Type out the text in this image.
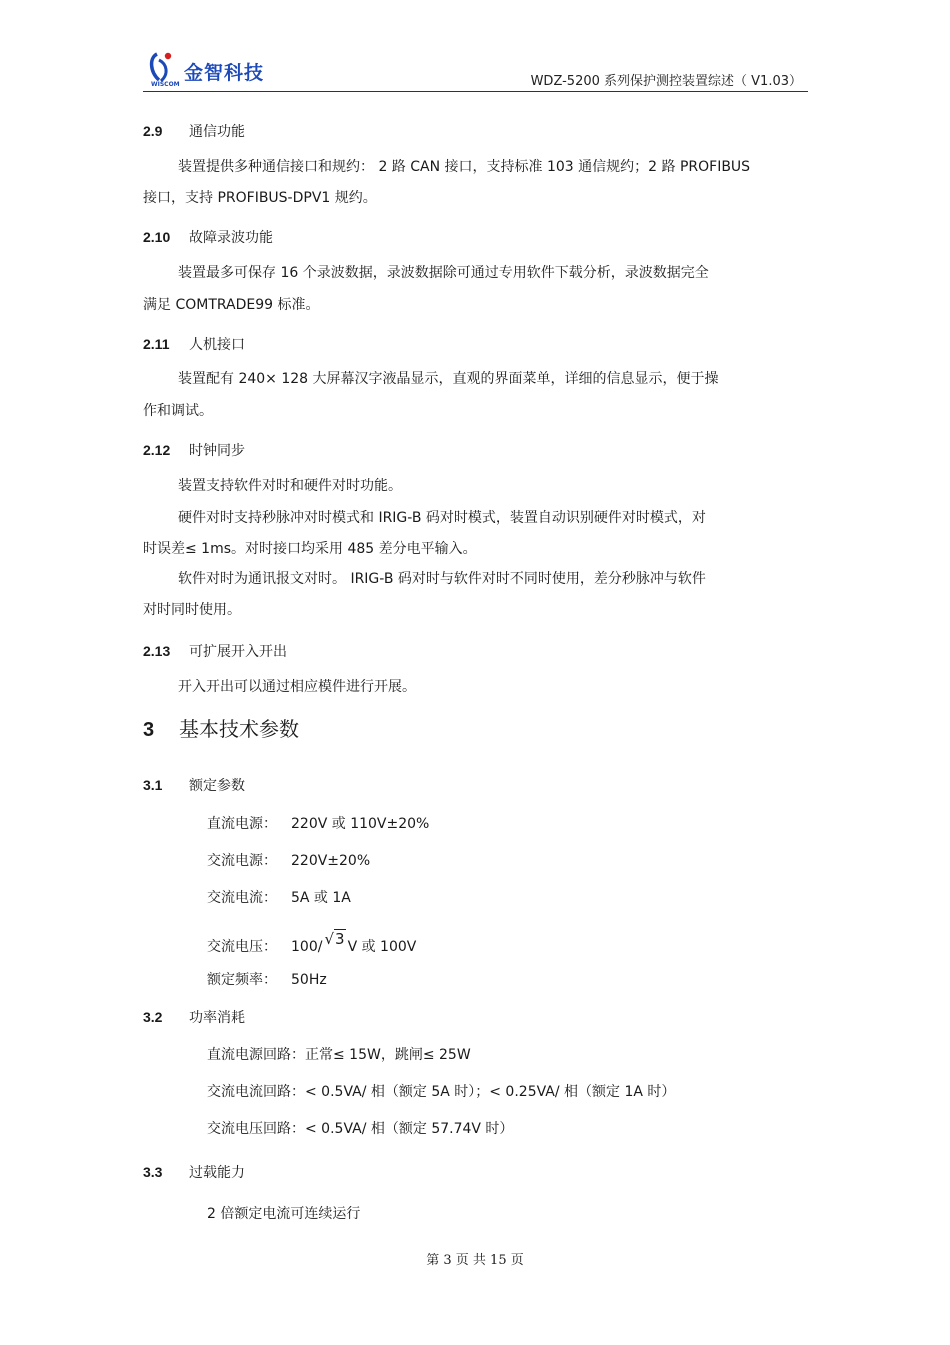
金智科技
WISCOM	WDZ-5200 系列保护测控装置综述（ V1.03）
2.9 通信功能
装置提供多种通信接口和规约： 2 路 CAN 接口，支持标准 103 通信规约；2 路 PROFIBUS
接口，支持 PROFIBUS-DPV1 规约。
2.10 故障录波功能
装置最多可保存 16 个录波数据，录波数据除可通过专用软件下载分析，录波数据完全
满足 COMTRADE99 标准。
2.11 人机接口
装置配有 240× 128 大屏幕汉字液晶显示，直观的界面菜单，详细的信息显示，便于操
作和调试。
2.12 时钟同步
装置支持软件对时和硬件对时功能。
硬件对时支持秒脉冲对时模式和 IRIG-B 码对时模式，装置自动识别硬件对时模式，对
时误差≤ 1ms。对时接口均采用 485 差分电平输入。
软件对时为通讯报文对时。 IRIG-B 码对时与软件对时不同时使用，差分秒脉冲与软件
对时同时使用。
2.13 可扩展开入开出
开入开出可以通过相应模件进行开展。
3 基本技术参数
3.1 额定参数
直流电源： 220V 或 110V±20%
交流电源： 220V±20%
交流电流： 5A 或 1A
交流电压： 100/ √3 V 或 100V
额定频率： 50Hz
3.2 功率消耗
直流电源回路：正常≤ 15W，跳闸≤ 25W
交流电流回路：< 0.5VA/ 相（额定 5A 时）；< 0.25VA/ 相（额定 1A 时）
交流电压回路：< 0.5VA/ 相（额定 57.74V 时）
3.3 过载能力
2 倍额定电流可连续运行
第 3 页 共 15 页
